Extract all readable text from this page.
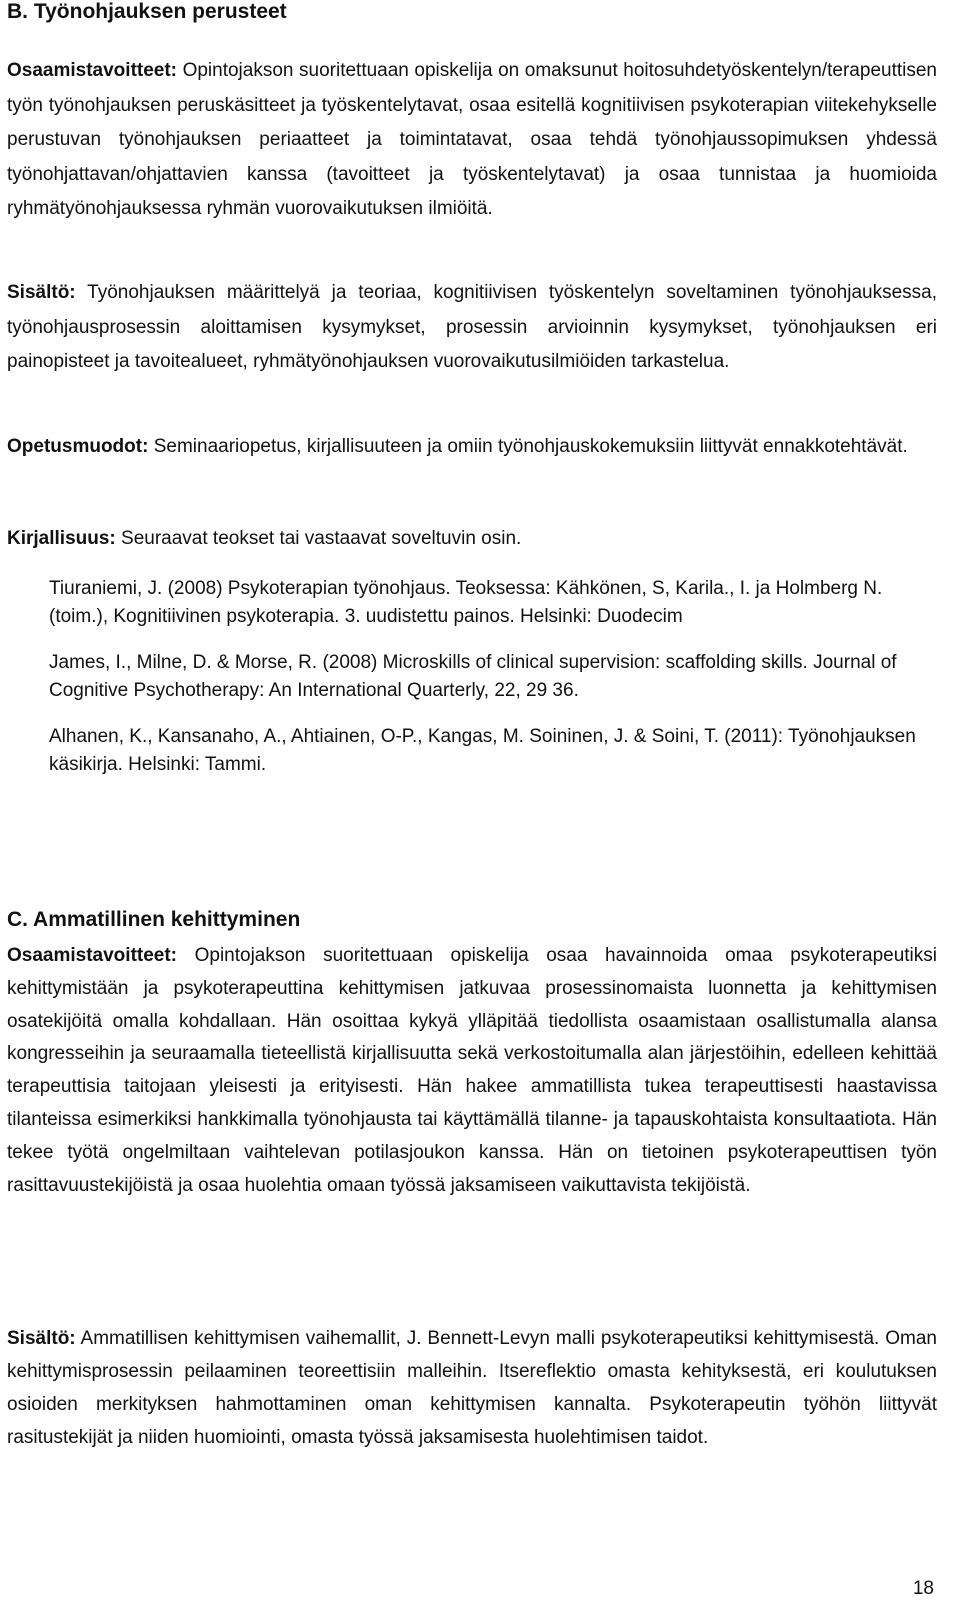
B. Työnohjauksen perusteet

Osaamistavoitteet: Opintojakson suoritettuaan opiskelija on omaksunut hoitosuhdetyöskentelyn/terapeuttisen työn työnohjauksen peruskäsitteet ja työskentelytavat, osaa esitellä kognitiivisen psykoterapian viitekehykselle perustuvan työnohjauksen periaatteet ja toimintatavat, osaa tehdä työnohjaussopimuksen yhdessä työnohjattavan/ohjattavien kanssa (tavoitteet ja työskentelytavat) ja osaa tunnistaa ja huomioida ryhmätyönohjauksessa ryhmän vuorovaikutuksen ilmiöitä.

Sisältö: Työnohjauksen määrittelyä ja teoriaa, kognitiivisen työskentelyn soveltaminen työnohjauksessa, työnohjausprosessin aloittamisen kysymykset, prosessin arvioinnin kysymykset, työnohjauksen eri painopisteet ja tavoitealueet, ryhmätyönohjauksen vuorovaikutusilmiöiden tarkastelua.

Opetusmuodot: Seminaariopetus, kirjallisuuteen ja omiin työnohjauskokemuksiin liittyvät ennakkotehtävät.

Kirjallisuus: Seuraavat teokset tai vastaavat soveltuvin osin.

Tiuraniemi, J. (2008) Psykoterapian työnohjaus. Teoksessa: Kähkönen, S, Karila., I. ja Holmberg N. (toim.), Kognitiivinen psykoterapia. 3. uudistettu painos. Helsinki: Duodecim

James, I., Milne, D. & Morse, R. (2008) Microskills of clinical supervision: scaffolding skills. Journal of Cognitive Psychotherapy: An International Quarterly, 22, 29 36.

Alhanen, K., Kansanaho, A., Ahtiainen, O-P., Kangas, M. Soininen, J. & Soini, T. (2011): Työnohjauksen käsikirja. Helsinki: Tammi.

C. Ammatillinen kehittyminen

Osaamistavoitteet: Opintojakson suoritettuaan opiskelija osaa havainnoida omaa psykoterapeutiksi kehittymistään ja psykoterapeuttina kehittymisen jatkuvaa prosessinomaista luonnetta ja kehittymisen osatekijöitä omalla kohdallaan. Hän osoittaa kykyä ylläpitää tiedollista osaamistaan osallistumalla alansa kongresseihin ja seuraamalla tieteellistä kirjallisuutta sekä verkostoitumalla alan järjestöihin, edelleen kehittää terapeuttisia taitojaan yleisesti ja erityisesti. Hän hakee ammatillista tukea terapeuttisesti haastavissa tilanteissa esimerkiksi hankkimalla työnohjausta tai käyttämällä tilanne- ja tapauskohtaista konsultaatiota. Hän tekee työtä ongelmiltaan vaihtelevan potilasjoukon kanssa. Hän on tietoinen psykoterapeuttisen työn rasittavuustekijöistä ja osaa huolehtia omaan työssä jaksamiseen vaikuttavista tekijöistä.

Sisältö: Ammatillisen kehittymisen vaihemallit, J. Bennett-Levyn malli psykoterapeutiksi kehittymisestä. Oman kehittymisprosessin peilaaminen teoreettisiin malleihin. Itsereflektio omasta kehityksestä, eri koulutuksen osioiden merkityksen hahmottaminen oman kehittymisen kannalta. Psykoterapeutin työhön liittyvät rasitustekijät ja niiden huomiointi, omasta työssä jaksamisesta huolehtimisen taidot.

18
